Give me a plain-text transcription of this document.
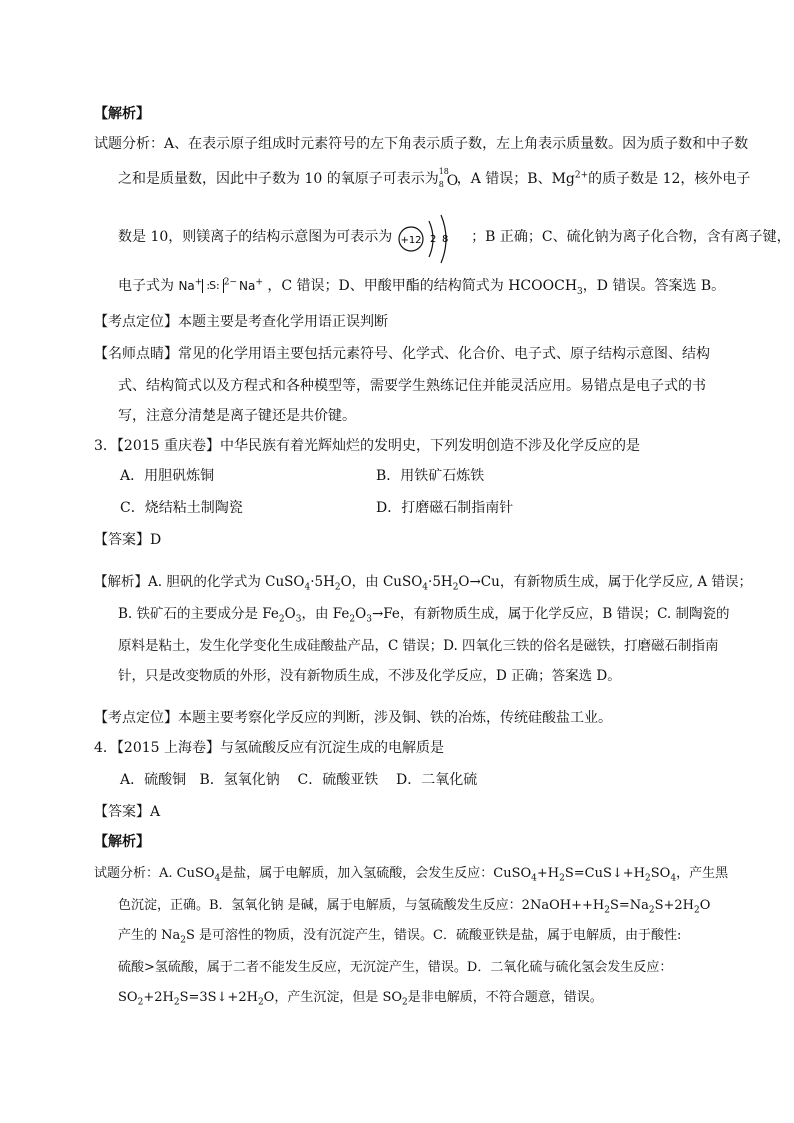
【解析】
试题分析：A、在表示原子组成时元素符号的左下角表示质子数，左上角表示质量数。因为质子数和中子数
之和是质量数，因此中子数为 10 的氧原子可表示为 18
8 O
，A 错误；B、$Mg^{2+}$的质子数是 12，核外电子
数是 10，则镁离子的结构示意图为可表示为 +12 2 8 ；B 正确；C、硫化钠为离子化合物，含有离子键，
电子式为 Na+ :S: $^{2-}$ Na+ ，C 错误；D、甲酸甲酯的结构简式为 $HCOOCH_3$，D 错误。答案选 B。
【考点定位】本题主要是考查化学用语正误判断
【名师点睛】常见的化学用语主要包括元素符号、化学式、化合价、电子式、原子结构示意图、结构
式、结构简式以及方程式和各种模型等，需要学生熟练记住并能灵活应用。易错点是电子式的书
写，注意分清楚是离子键还是共价键。
3．【2015 重庆卷】中华民族有着光辉灿烂的发明史，下列发明创造不涉及化学反应的是
A．用胆矾炼铜	B．用铁矿石炼铁
C．烧结粘土制陶瓷	D．打磨磁石制指南针
【答案】D
【解析】A. 胆矾的化学式为 $CuSO_4\cdot 5H_2O$，由 $CuSO_4\cdot 5H_2O\to Cu$，有新物质生成，属于化学反应, A 错误；
B. 铁矿石的主要成分是 $Fe_2O_3$，由 $Fe_2O_3\to Fe$，有新物质生成，属于化学反应，B 错误；C. 制陶瓷的
原料是粘土，发生化学变化生成硅酸盐产品，C 错误；D. 四氧化三铁的俗名是磁铁，打磨磁石制指南
针，只是改变物质的外形，没有新物质生成，不涉及化学反应，D 正确；答案选 D。
【考点定位】本题主要考察化学反应的判断，涉及铜、铁的冶炼，传统硅酸盐工业。
4．【2015 上海卷】与氢硫酸反应有沉淀生成的电解质是
A．硫酸铜   B．氢氧化钠    C．硫酸亚铁    D．二氧化硫
【答案】A
【解析】
试题分析：A. CuSO$_4$是盐，属于电解质，加入氢硫酸，会发生反应：$CuSO_4+H_2S=CuS↓+H_2SO_4$，产生黑
色沉淀，正确。B．氢氧化钠 是碱，属于电解质，与氢硫酸发生反应：$2NaOH++H_2S=Na_2S+2H_2O$
产生的 $Na_2S$ 是可溶性的物质，没有沉淀产生，错误。C．硫酸亚铁是盐，属于电解质，由于酸性:
硫酸>氢硫酸，属于二者不能发生反应，无沉淀产生，错误。D．二氧化硫与硫化氢会发生反应：
$SO_2+2H_2S=3S↓+2H_2O$，产生沉淀，但是 $SO_2$是非电解质，不符合题意，错误。
